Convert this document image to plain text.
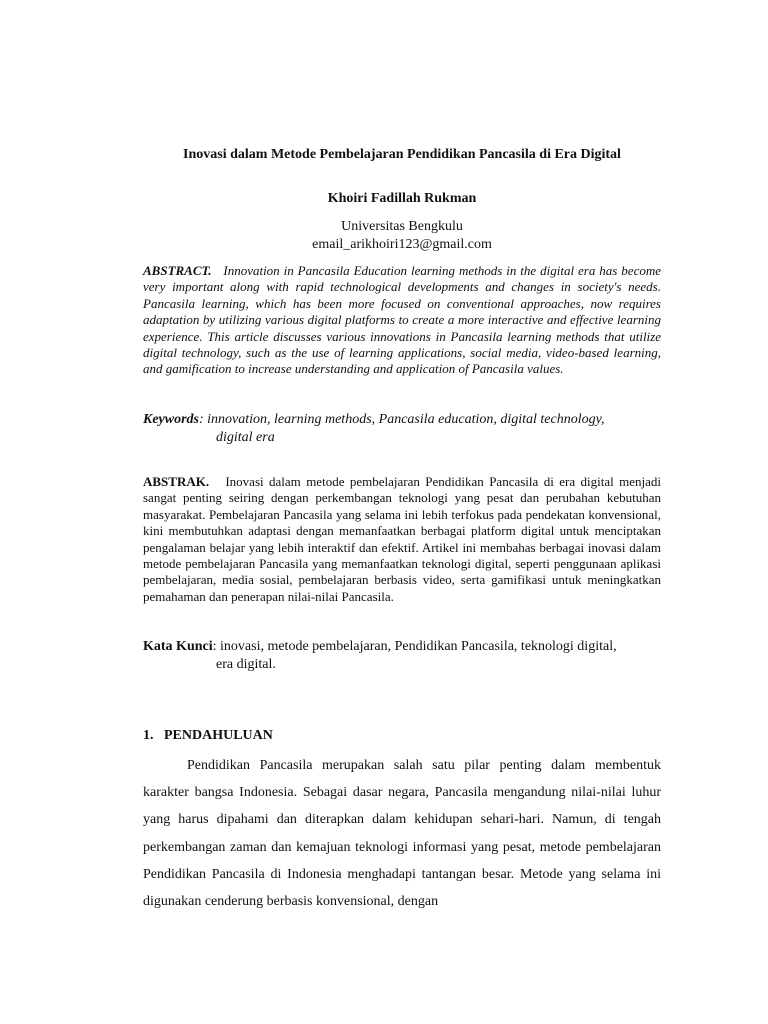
Inovasi dalam Metode Pembelajaran Pendidikan Pancasila di Era Digital
Khoiri Fadillah Rukman
Universitas Bengkulu
email_arikhoiri123@gmail.com
ABSTRACT. Innovation in Pancasila Education learning methods in the digital era has become very important along with rapid technological developments and changes in society's needs. Pancasila learning, which has been more focused on conventional approaches, now requires adaptation by utilizing various digital platforms to create a more interactive and effective learning experience. This article discusses various innovations in Pancasila learning methods that utilize digital technology, such as the use of learning applications, social media, video-based learning, and gamification to increase understanding and application of Pancasila values.
Keywords: innovation, learning methods, Pancasila education, digital technology,
digital era
ABSTRAK. Inovasi dalam metode pembelajaran Pendidikan Pancasila di era digital menjadi sangat penting seiring dengan perkembangan teknologi yang pesat dan perubahan kebutuhan masyarakat. Pembelajaran Pancasila yang selama ini lebih terfokus pada pendekatan konvensional, kini membutuhkan adaptasi dengan memanfaatkan berbagai platform digital untuk menciptakan pengalaman belajar yang lebih interaktif dan efektif. Artikel ini membahas berbagai inovasi dalam metode pembelajaran Pancasila yang memanfaatkan teknologi digital, seperti penggunaan aplikasi pembelajaran, media sosial, pembelajaran berbasis video, serta gamifikasi untuk meningkatkan pemahaman dan penerapan nilai-nilai Pancasila.
Kata Kunci: inovasi, metode pembelajaran, Pendidikan Pancasila, teknologi digital,
era digital.
1.   PENDAHULUAN
Pendidikan Pancasila merupakan salah satu pilar penting dalam membentuk karakter bangsa Indonesia. Sebagai dasar negara, Pancasila mengandung nilai-nilai luhur yang harus dipahami dan diterapkan dalam kehidupan sehari-hari. Namun, di tengah perkembangan zaman dan kemajuan teknologi informasi yang pesat, metode pembelajaran Pendidikan Pancasila di Indonesia menghadapi tantangan besar. Metode yang selama ini digunakan cenderung berbasis konvensional, dengan
